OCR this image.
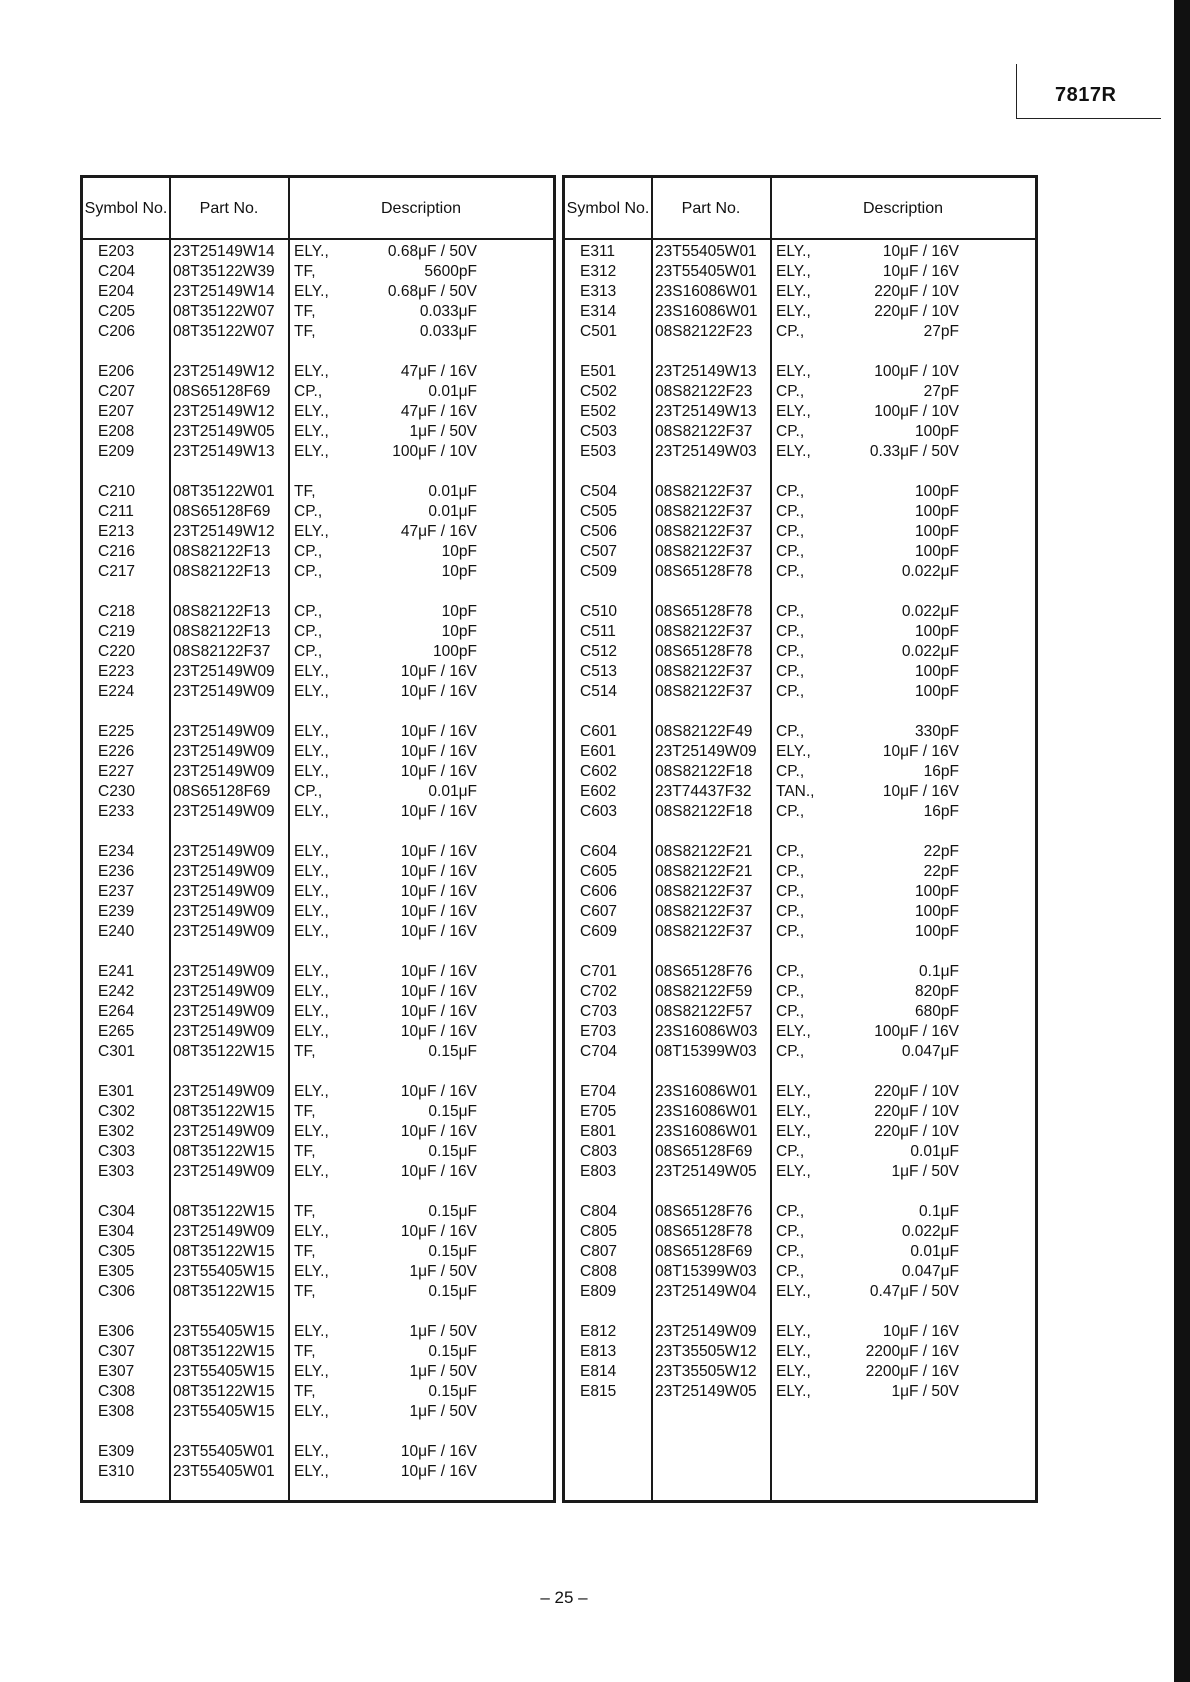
7817R
Symbol No.	Part No.	Description
E203	23T25149W14 ELY.,	0.68μF / 50V
C204 08T35122W39 TF,	5600pF
E204	23T25149W14 ELY.,	0.68μF / 50V
C205 08T35122W07 TF,	0.033μF
C206 08T35122W07 TF,	0.033μF
E206	23T25149W12 ELY.,	47μF / 16V
C207 08S65128F69 CP.,	0.01μF
E207	23T25149W12 ELY.,	47μF / 16V
E208	23T25149W05 ELY.,	1μF / 50V
E209	23T25149W13 ELY.,	100μF / 10V
C210 08T35122W01 TF,	0.01μF
C211	08S65128F69 CP.,	0.01μF
E213	23T25149W12 ELY.,	47μF / 16V
C216 08S82122F13 CP.,	10pF
C217 08S82122F13 CP.,	10pF
C218 08S82122F13 CP.,	10pF
C219 08S82122F13 CP.,	10pF
C220 08S82122F37 CP.,	100pF
E223	23T25149W09 ELY.,	10μF / 16V
E224	23T25149W09 ELY.,	10μF / 16V
E225	23T25149W09 ELY.,	10μF / 16V
E226	23T25149W09 ELY.,	10μF / 16V
E227	23T25149W09 ELY.,	10μF / 16V
C230 08S65128F69 CP.,	0.01μF
E233	23T25149W09 ELY.,	10μF / 16V
E234	23T25149W09 ELY.,	10μF / 16V
E236	23T25149W09 ELY.,	10μF / 16V
E237	23T25149W09 ELY.,	10μF / 16V
E239	23T25149W09 ELY.,	10μF / 16V
E240	23T25149W09 ELY.,	10μF / 16V
E241	23T25149W09 ELY.,	10μF / 16V
E242	23T25149W09 ELY.,	10μF / 16V
E264	23T25149W09 ELY.,	10μF / 16V
E265	23T25149W09 ELY.,	10μF / 16V
C301 08T35122W15 TF,	0.15μF
E301	23T25149W09 ELY.,	10μF / 16V
C302 08T35122W15 TF,	0.15μF
E302	23T25149W09 ELY.,	10μF / 16V
C303 08T35122W15 TF,	0.15μF
E303	23T25149W09 ELY.,	10μF / 16V
C304 08T35122W15 TF,	0.15μF
E304	23T25149W09 ELY.,	10μF / 16V
C305 08T35122W15 TF,	0.15μF
E305	23T55405W15 ELY.,	1μF / 50V
C306 08T35122W15 TF,	0.15μF
E306	23T55405W15 ELY.,	1μF / 50V
C307 08T35122W15 TF,	0.15μF
E307	23T55405W15 ELY.,	1μF / 50V
C308 08T35122W15 TF,	0.15μF
E308	23T55405W15 ELY.,	1μF / 50V
E309	23T55405W01 ELY.,	10μF / 16V
E310	23T55405W01 ELY.,	10μF / 16V
Symbol No.	Part No.	Description
E311	23T55405W01 ELY.,	10μF / 16V
E312	23T55405W01 ELY.,	10μF / 16V
E313	23S16086W01 ELY.,	220μF / 10V
E314	23S16086W01 ELY.,	220μF / 10V
C501 08S82122F23 CP.,	27pF
E501	23T25149W13 ELY.,	100μF / 10V
C502 08S82122F23 CP.,	27pF
E502	23T25149W13 ELY.,	100μF / 10V
C503 08S82122F37 CP.,	100pF
E503	23T25149W03 ELY.,	0.33μF / 50V
C504 08S82122F37 CP.,	100pF
C505 08S82122F37 CP.,	100pF
C506 08S82122F37 CP.,	100pF
C507 08S82122F37 CP.,	100pF
C509 08S65128F78 CP.,	0.022μF
C510 08S65128F78 CP.,	0.022μF
C511	08S82122F37 CP.,	100pF
C512 08S65128F78 CP.,	0.022μF
C513 08S82122F37 CP.,	100pF
C514 08S82122F37 CP.,	100pF
C601 08S82122F49 CP.,	330pF
E601	23T25149W09 ELY.,	10μF / 16V
C602 08S82122F18 CP.,	16pF
E602	23T74437F32 TAN.,	10μF / 16V
C603 08S82122F18 CP.,	16pF
C604 08S82122F21 CP.,	22pF
C605 08S82122F21 CP.,	22pF
C606 08S82122F37 CP.,	100pF
C607 08S82122F37 CP.,	100pF
C609 08S82122F37 CP.,	100pF
C701 08S65128F76 CP.,	0.1μF
C702 08S82122F59 CP.,	820pF
C703 08S82122F57 CP.,	680pF
E703	23S16086W03 ELY.,	100μF / 16V
C704 08T15399W03 CP.,	0.047μF
E704	23S16086W01 ELY.,	220μF / 10V
E705	23S16086W01 ELY.,	220μF / 10V
E801	23S16086W01 ELY.,	220μF / 10V
C803 08S65128F69 CP.,	0.01μF
E803	23T25149W05 ELY.,	1μF / 50V
C804 08S65128F76 CP.,	0.1μF
C805 08S65128F78 CP.,	0.022μF
C807 08S65128F69 CP.,	0.01μF
C808 08T15399W03 CP.,	0.047μF
E809	23T25149W04 ELY.,	0.47μF / 50V
E812	23T25149W09 ELY.,	10μF / 16V
E813	23T35505W12 ELY.,	2200μF / 16V
E814	23T35505W12 ELY.,	2200μF / 16V
E815	23T25149W05 ELY.,	1μF / 50V
– 25 –
